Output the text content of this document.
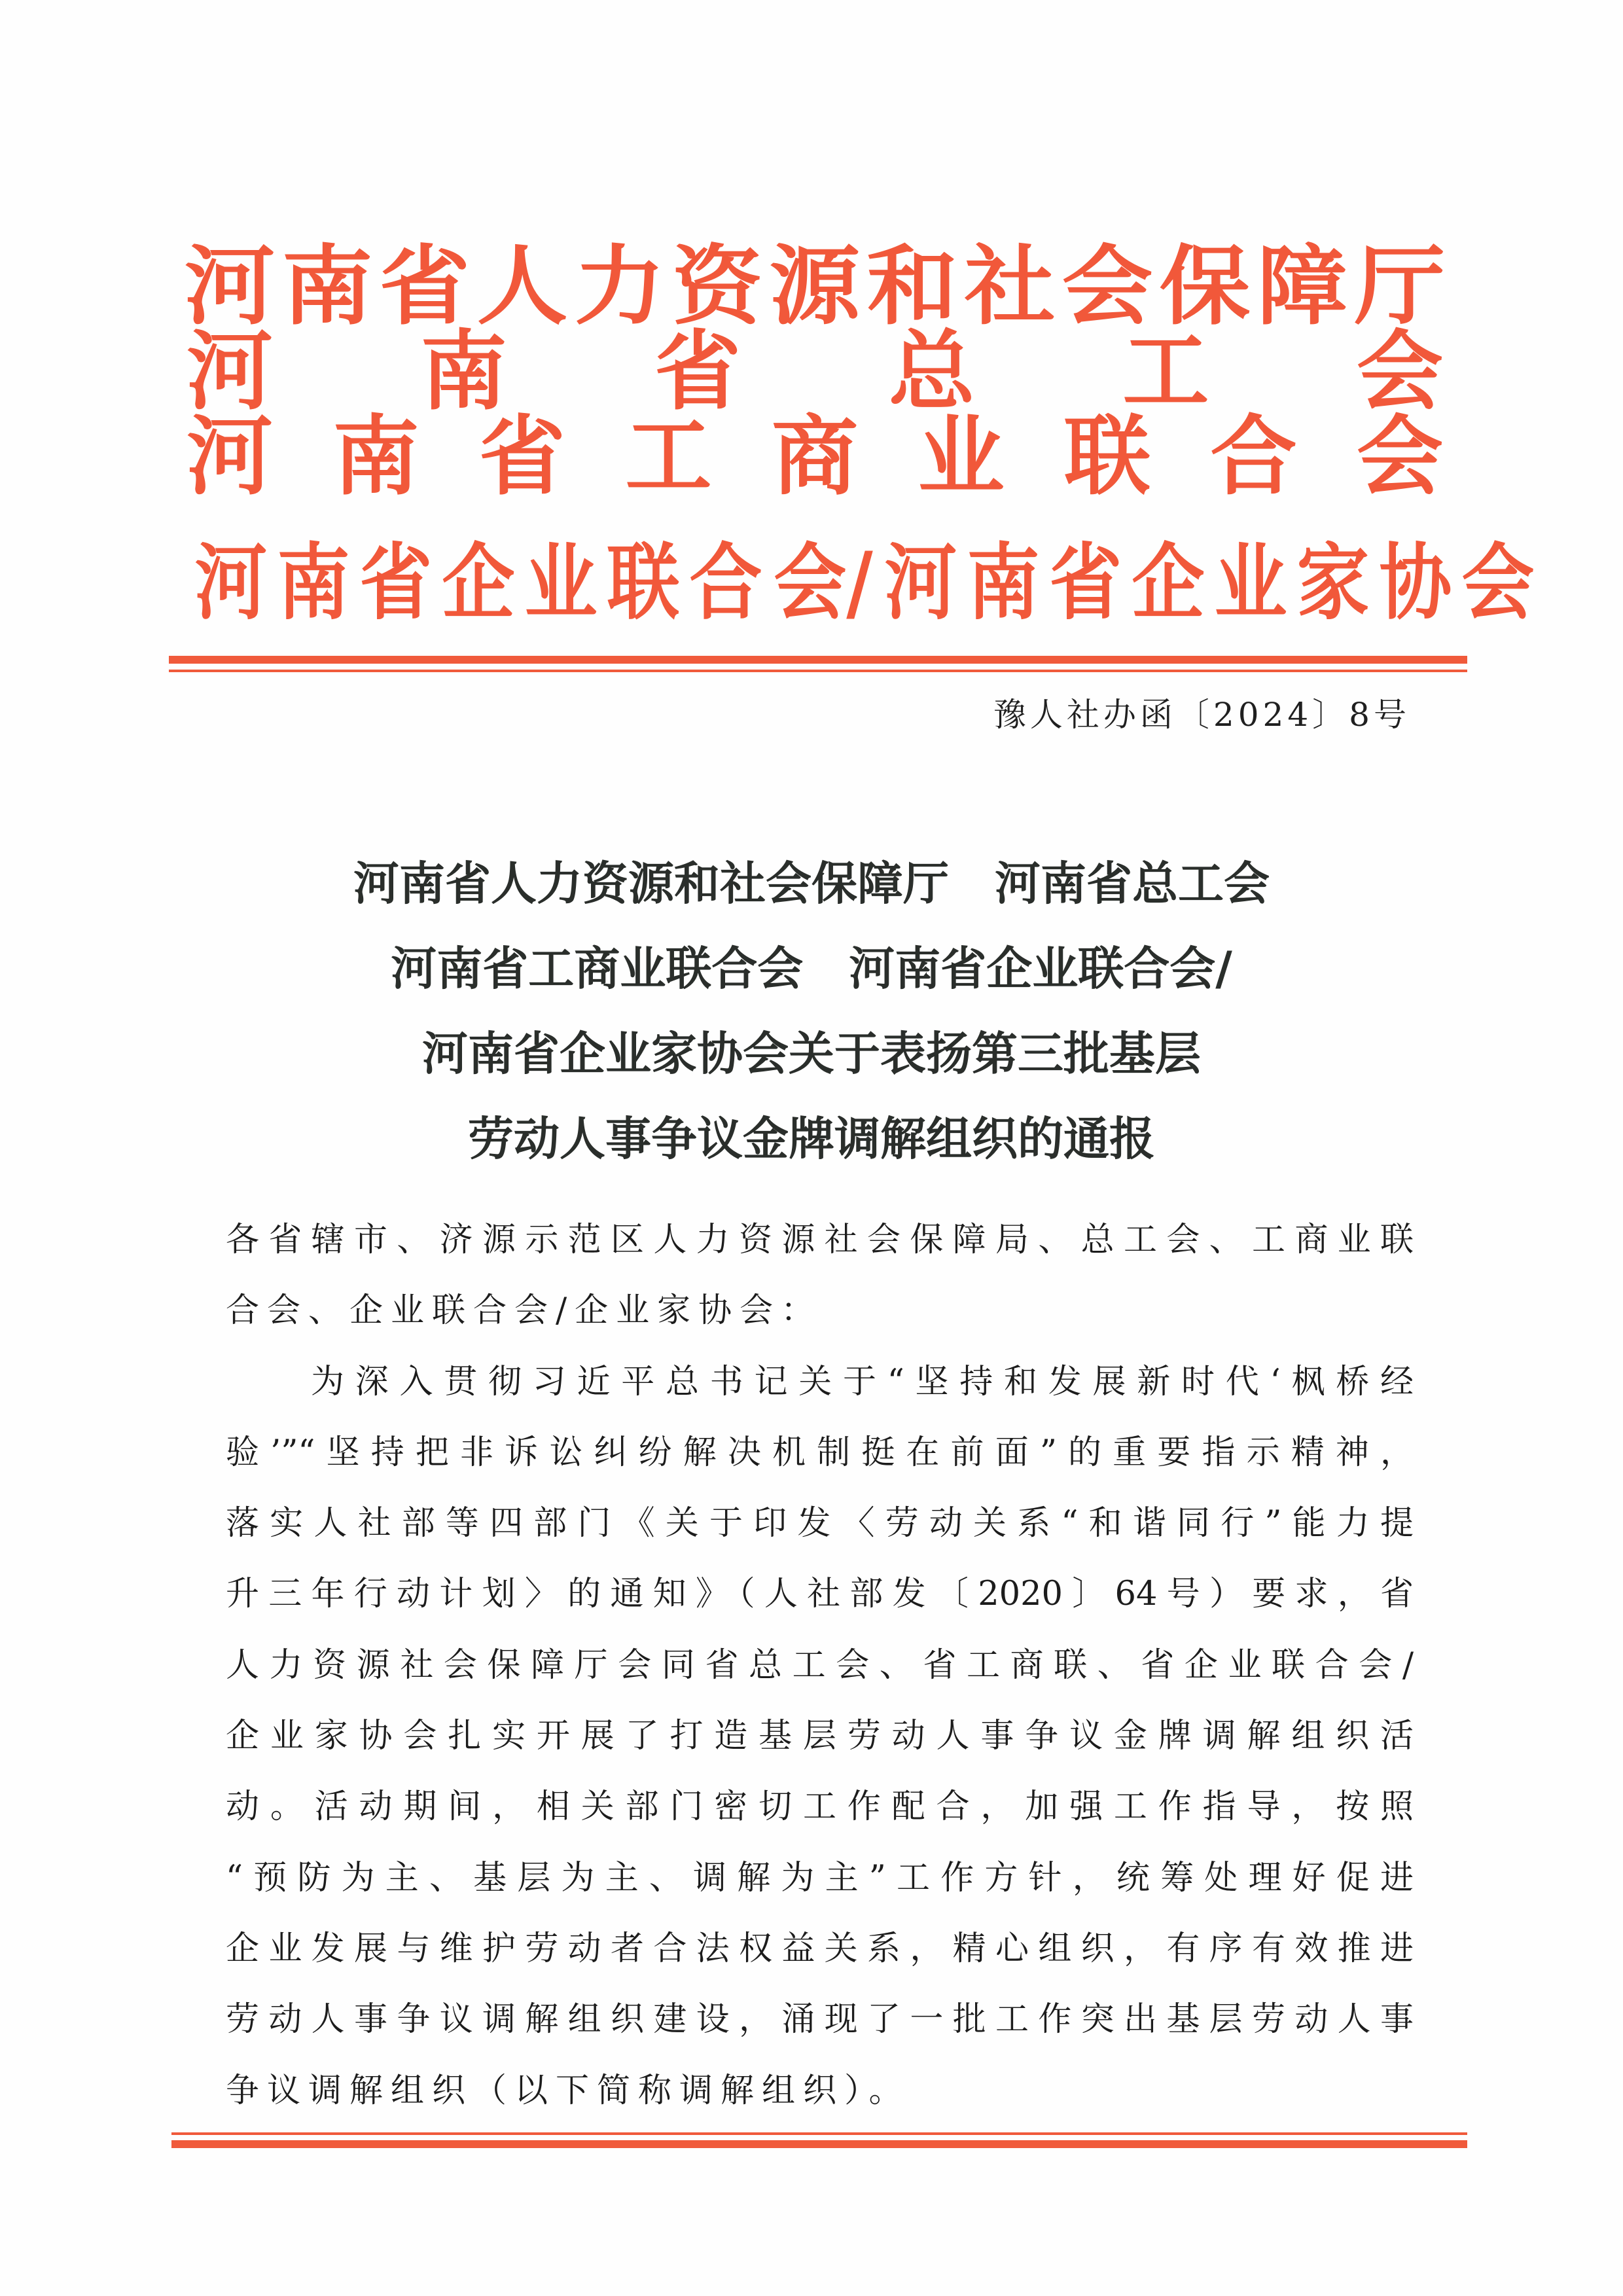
河 南 省 人 力 资 源 和 社 会 保 障 厅
河 南 省 总 工 会
河 南 省 工 商 业 联 合 会
河 南 省 企 业 联 合 会/ 河 南 省 企 业 家 协 会
豫人社办函〔2024〕8号
河南省人力资源和社会保障厅　河南省总工会
河南省工商业联合会　河南省企业联合会/
河南省企业家协会关于表扬第三批基层
劳动人事争议金牌调解组织的通报
各省辖市、济源示范区人力资源社会保障局、总工会、工商业联
合会、企业联合会/企业家协会：
为深入贯彻习近平总书记关于“坚持和发展新时代‘枫桥经
验’”“坚持把非诉讼纠纷解决机制挺在前面”的重要指示精神，
落实人社部等四部门《关于印发〈劳动关系“和谐同行”能力提
升三年行动计划〉的通知》（人社部发〔2020〕64号）要求，省
人力资源社会保障厅会同省总工会、省工商联、省企业联合会/
企业家协会扎实开展了打造基层劳动人事争议金牌调解组织活
动。活动期间，相关部门密切工作配合，加强工作指导，按照
“预防为主、基层为主、调解为主”工作方针，统筹处理好促进
企业发展与维护劳动者合法权益关系，精心组织，有序有效推进
劳动人事争议调解组织建设，涌现了一批工作突出基层劳动人事
争议调解组织（以下简称调解组织）。
